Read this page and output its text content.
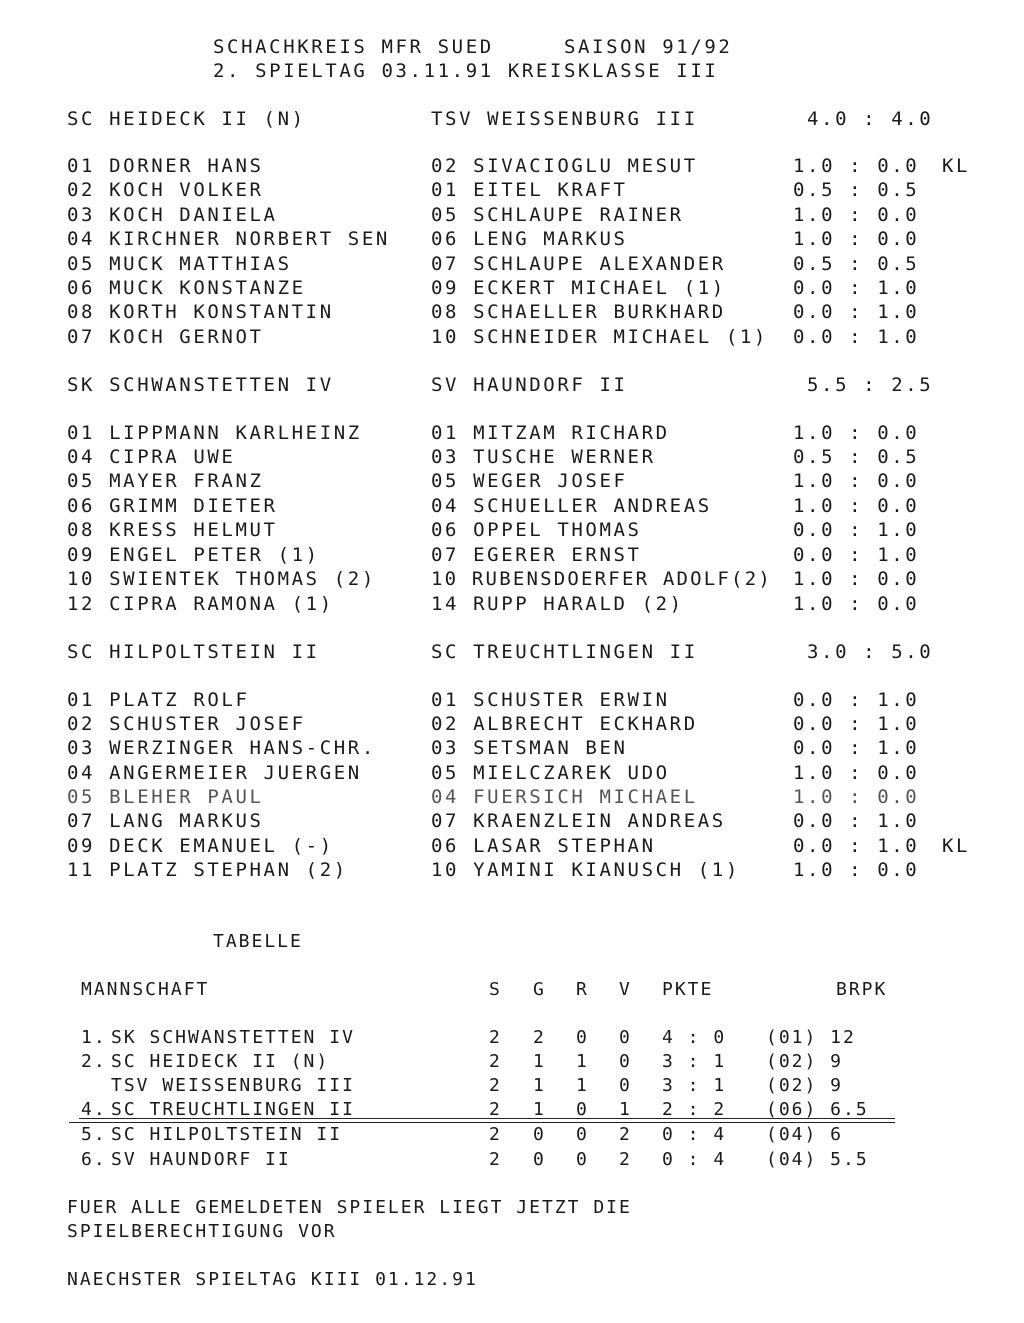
SCHACHKREIS MFR SUED     SAISON 91/92
2. SPIELTAG 03.11.91 KREISKLASSE III
SC HEIDECK II (N)	TSV WEISSENBURG III	4.0 : 4.0
01 DORNER HANS	02 SIVACIOGLU MESUT	1.0 : 0.0 KL
02 KOCH VOLKER	01 EITEL KRAFT	0.5 : 0.5
03 KOCH DANIELA	05 SCHLAUPE RAINER	1.0 : 0.0
04 KIRCHNER NORBERT SEN 06 LENG MARKUS	1.0 : 0.0
05 MUCK MATTHIAS	07 SCHLAUPE ALEXANDER	0.5 : 0.5
06 MUCK KONSTANZE	09 ECKERT MICHAEL (1)	0.0 : 1.0
08 KORTH KONSTANTIN	08 SCHAELLER BURKHARD	0.0 : 1.0
07 KOCH GERNOT	10 SCHNEIDER MICHAEL (1) 0.0 : 1.0
SK SCHWANSTETTEN IV	SV HAUNDORF II	5.5 : 2.5
01 LIPPMANN KARLHEINZ	01 MITZAM RICHARD	1.0 : 0.0
04 CIPRA UWE	03 TUSCHE WERNER	0.5 : 0.5
05 MAYER FRANZ	05 WEGER JOSEF	1.0 : 0.0
06 GRIMM DIETER	04 SCHUELLER ANDREAS	1.0 : 0.0
08 KRESS HELMUT	06 OPPEL THOMAS	0.0 : 1.0
09 ENGEL PETER (1)	07 EGERER ERNST	0.0 : 1.0
10 SWIENTEK THOMAS (2)	10 RUBENSDOERFER ADOLF(2) 1.0 : 0.0
12 CIPRA RAMONA (1)	14 RUPP HARALD (2)	1.0 : 0.0
SC HILPOLTSTEIN II	SC TREUCHTLINGEN II	3.0 : 5.0
01 PLATZ ROLF	01 SCHUSTER ERWIN	0.0 : 1.0
02 SCHUSTER JOSEF	02 ALBRECHT ECKHARD	0.0 : 1.0
03 WERZINGER HANS-CHR.	03 SETSMAN BEN	0.0 : 1.0
04 ANGERMEIER JUERGEN	05 MIELCZAREK UDO	1.0 : 0.0
05 BLEHER PAUL	04 FUERSICH MICHAEL	1.0 : 0.0
07 LANG MARKUS	07 KRAENZLEIN ANDREAS	0.0 : 1.0
09 DECK EMANUEL (-)	06 LASAR STEPHAN	0.0 : 1.0 KL
11 PLATZ STEPHAN (2)	10 YAMINI KIANUSCH (1)	1.0 : 0.0
TABELLE
MANNSCHAFT	S G R V PKTE	BRPK
1. SK SCHWANSTETTEN IV	2 2 0 0 4 : 0 (01) 12
2. SC HEIDECK II (N)	2 1 1 0 3 : 1 (02) 9
TSV WEISSENBURG III	2 1 1 0 3 : 1 (02) 9
4. SC TREUCHTLINGEN II	2 1 0 1 2 : 2 (06) 6.5
5. SC HILPOLTSTEIN II	2 0 0 2 0 : 4 (04) 6
6. SV HAUNDORF II	2 0 0 2 0 : 4 (04) 5.5
FUER ALLE GEMELDETEN SPIELER LIEGT JETZT DIE
SPIELBERECHTIGUNG VOR
NAECHSTER SPIELTAG KIII 01.12.91
